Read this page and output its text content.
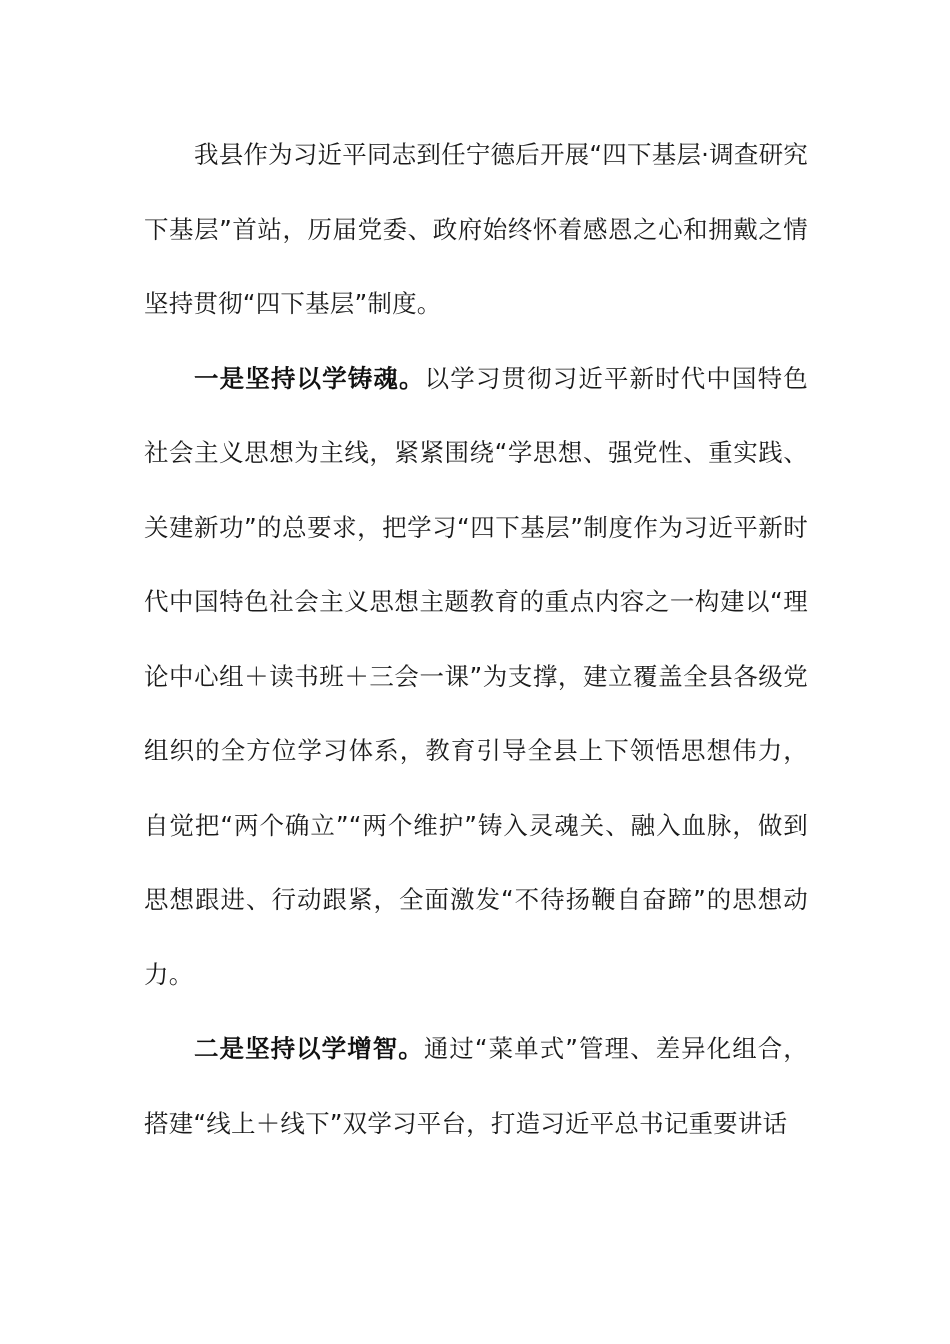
我县作为习近平同志到任宁德后开展“四下基层·调查研究下基层”首站，历届党委、政府始终怀着感恩之心和拥戴之情坚持贯彻“四下基层”制度。

一是坚持以学铸魂。以学习贯彻习近平新时代中国特色社会主义思想为主线，紧紧围绕“学思想、强党性、重实践、关建新功”的总要求，把学习“四下基层”制度作为习近平新时代中国特色社会主义思想主题教育的重点内容之一构建以“理论中心组＋读书班＋三会一课”为支撑，建立覆盖全县各级党组织的全方位学习体系，教育引导全县上下领悟思想伟力，自觉把“两个确立”“两个维护”铸入灵魂关、融入血脉，做到思想跟进、行动跟紧，全面激发“不待扬鞭自奋蹄”的思想动力。

二是坚持以学增智。通过“菜单式”管理、差异化组合，搭建“线上＋线下”双学习平台，打造习近平总书记重要讲话
